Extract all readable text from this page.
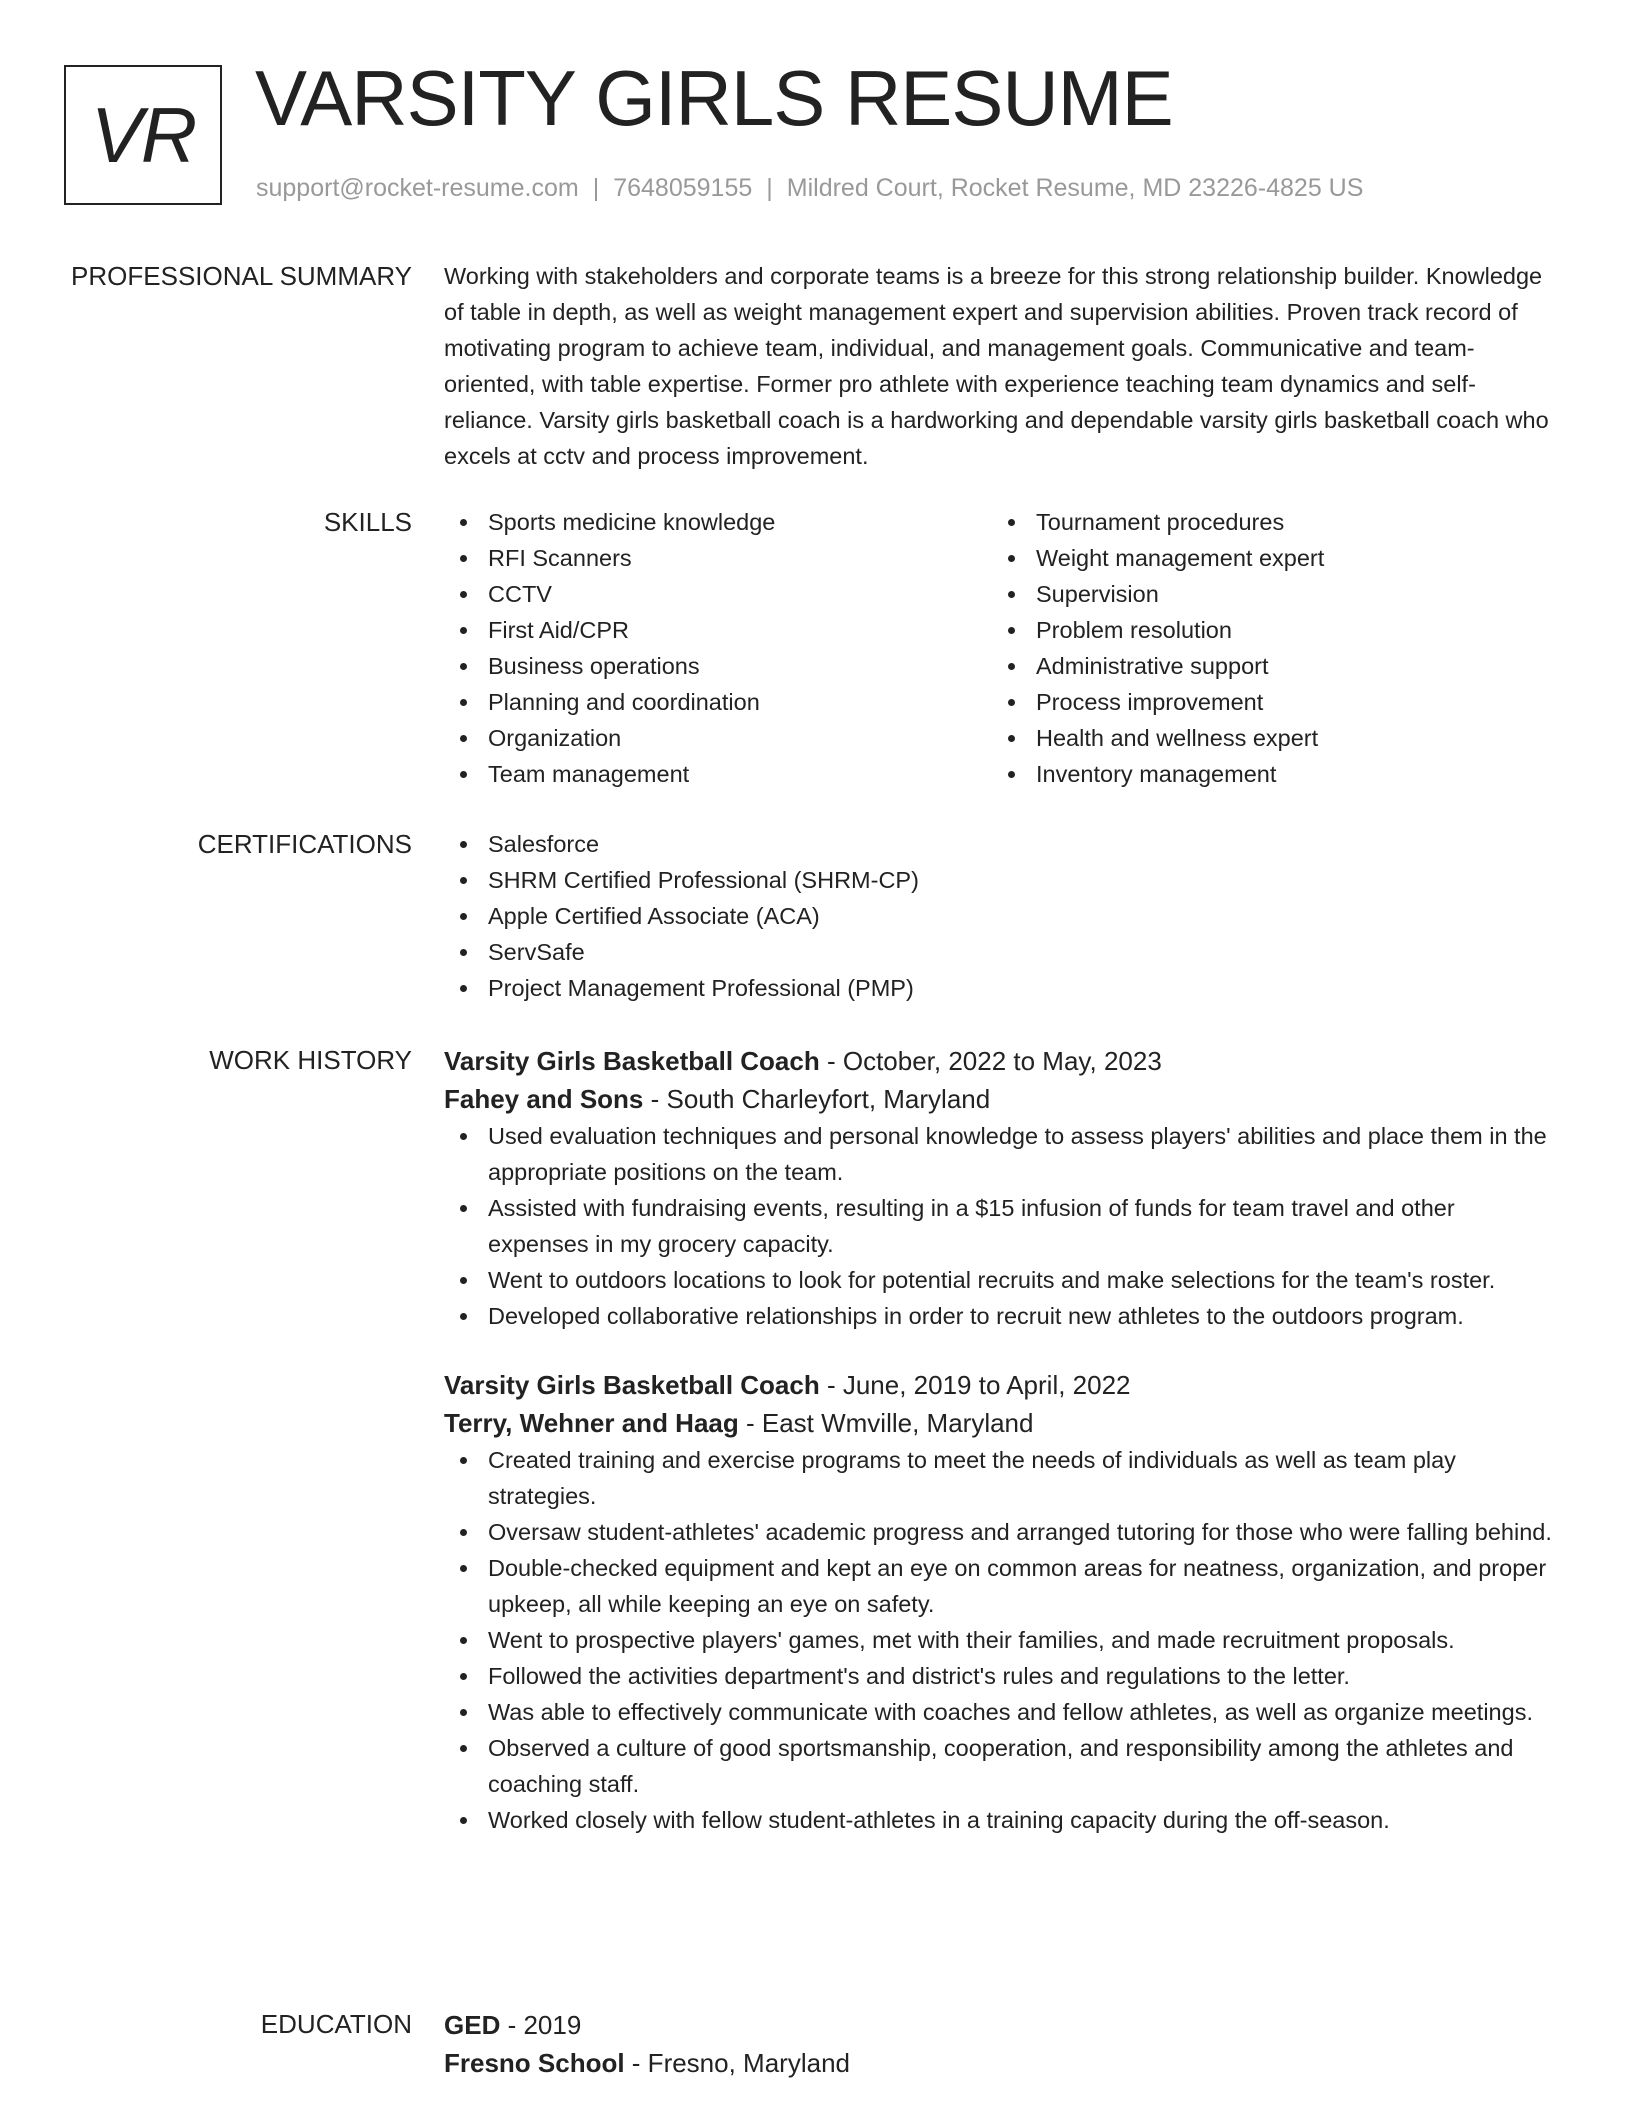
VR VARSITY GIRLS RESUME
support@rocket-resume.com | 7648059155 | Mildred Court, Rocket Resume, MD 23226-4825 US
PROFESSIONAL SUMMARY Working with stakeholders and corporate teams is a breeze for this strong relationship builder. Knowledge of table in depth, as well as weight management expert and supervision abilities. Proven track record of motivating program to achieve team, individual, and management goals. Communicative and team-oriented, with table expertise. Former pro athlete with experience teaching team dynamics and self-reliance. Varsity girls basketball coach is a hardworking and dependable varsity girls basketball coach who excels at cctv and process improvement.

SKILLS	Sports medicine knowledge
RFI Scanners
CCTV
First Aid/CPR
Business operations
Planning and coordination
Organization
Team management
Tournament procedures
Weight management expert
Supervision
Problem resolution
Administrative support
Process improvement
Health and wellness expert
Inventory management
CERTIFICATIONS	Salesforce
SHRM Certified Professional (SHRM-CP)
Apple Certified Associate (ACA)
ServSafe
Project Management Professional (PMP)
WORK HISTORY Varsity Girls Basketball Coach - October, 2022 to May, 2023
Fahey and Sons - South Charleyfort, Maryland
Used evaluation techniques and personal knowledge to assess players' abilities and place them in the appropriate positions on the team.
Assisted with fundraising events, resulting in a $15 infusion of funds for team travel and other expenses in my grocery capacity.
Went to outdoors locations to look for potential recruits and make selections for the team's roster.
Developed collaborative relationships in order to recruit new athletes to the outdoors program.
Varsity Girls Basketball Coach - June, 2019 to April, 2022
Terry, Wehner and Haag - East Wmville, Maryland
Created training and exercise programs to meet the needs of individuals as well as team play strategies.
Oversaw student-athletes' academic progress and arranged tutoring for those who were falling behind.
Double-checked equipment and kept an eye on common areas for neatness, organization, and proper upkeep, all while keeping an eye on safety.
Went to prospective players' games, met with their families, and made recruitment proposals.
Followed the activities department's and district's rules and regulations to the letter.
Was able to effectively communicate with coaches and fellow athletes, as well as organize meetings.
Observed a culture of good sportsmanship, cooperation, and responsibility among the athletes and coaching staff.
Worked closely with fellow student-athletes in a training capacity during the off-season.
EDUCATION GED - 2019
Fresno School - Fresno, Maryland
